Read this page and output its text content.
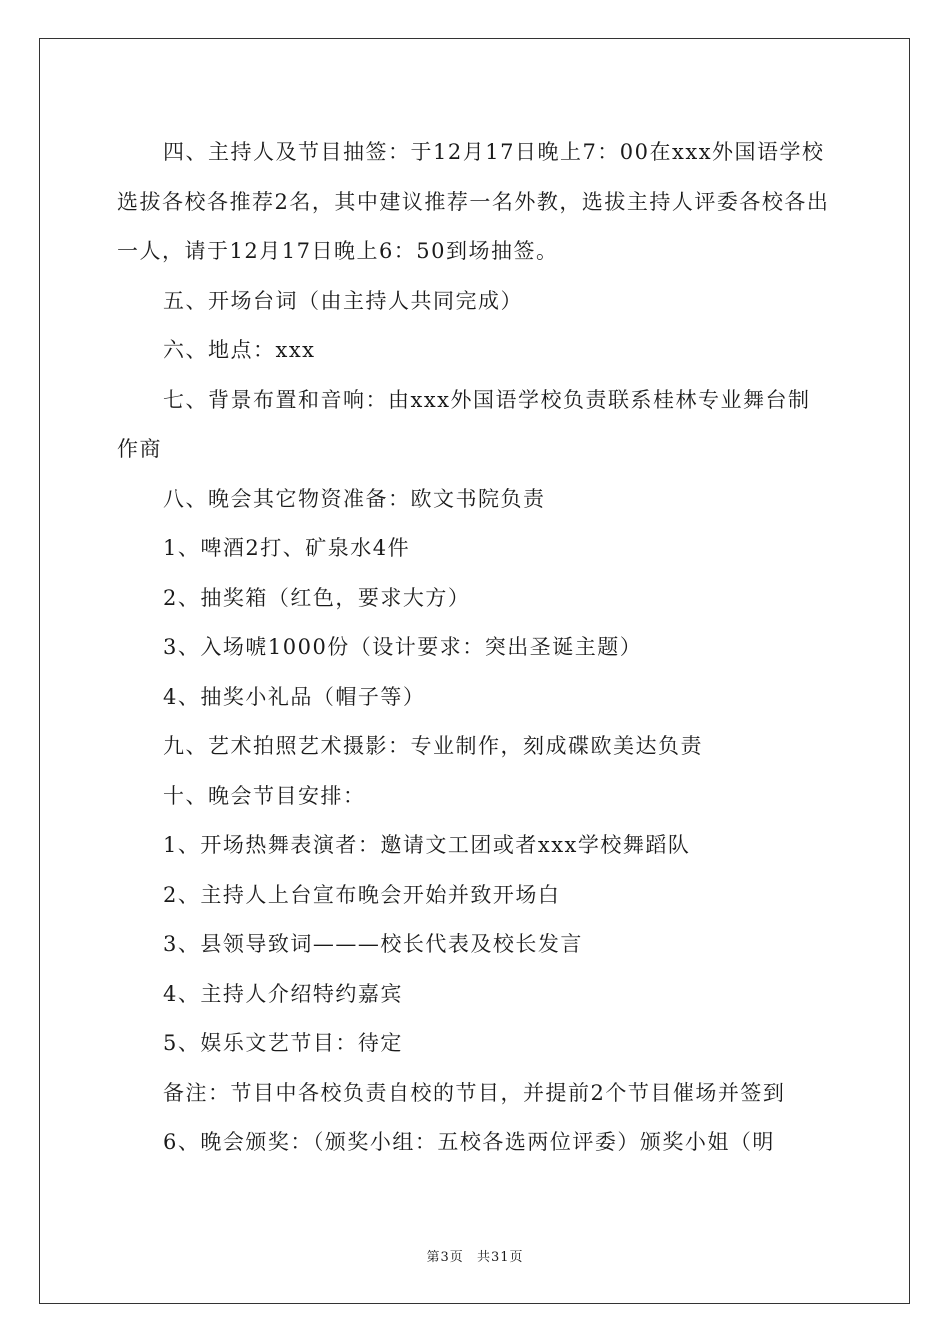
四、主持人及节目抽签：于12月17日晚上7：00在xxx外国语学校选拔各校各推荐2名，其中建议推荐一名外教，选拔主持人评委各校各出一人，请于12月17日晚上6：50到场抽签。

五、开场台词（由主持人共同完成）

六、地点：xxx

七、背景布置和音响：由xxx外国语学校负责联系桂林专业舞台制作商

八、晚会其它物资准备：欧文书院负责

1、啤酒2打、矿泉水4件

2、抽奖箱（红色，要求大方）

3、入场唬1000份（设计要求：突出圣诞主题）

4、抽奖小礼品（帽子等）

九、艺术拍照艺术摄影：专业制作，刻成碟欧美达负责

十、晚会节目安排：

1、开场热舞表演者：邀请文工团或者xxx学校舞蹈队

2、主持人上台宣布晚会开始并致开场白

3、县领导致词———校长代表及校长发言

4、主持人介绍特约嘉宾

5、娱乐文艺节目：待定

备注：节目中各校负责自校的节目，并提前2个节目催场并签到

6、晚会颁奖：（颁奖小组：五校各选两位评委）颁奖小姐（明

第3页 共31页
